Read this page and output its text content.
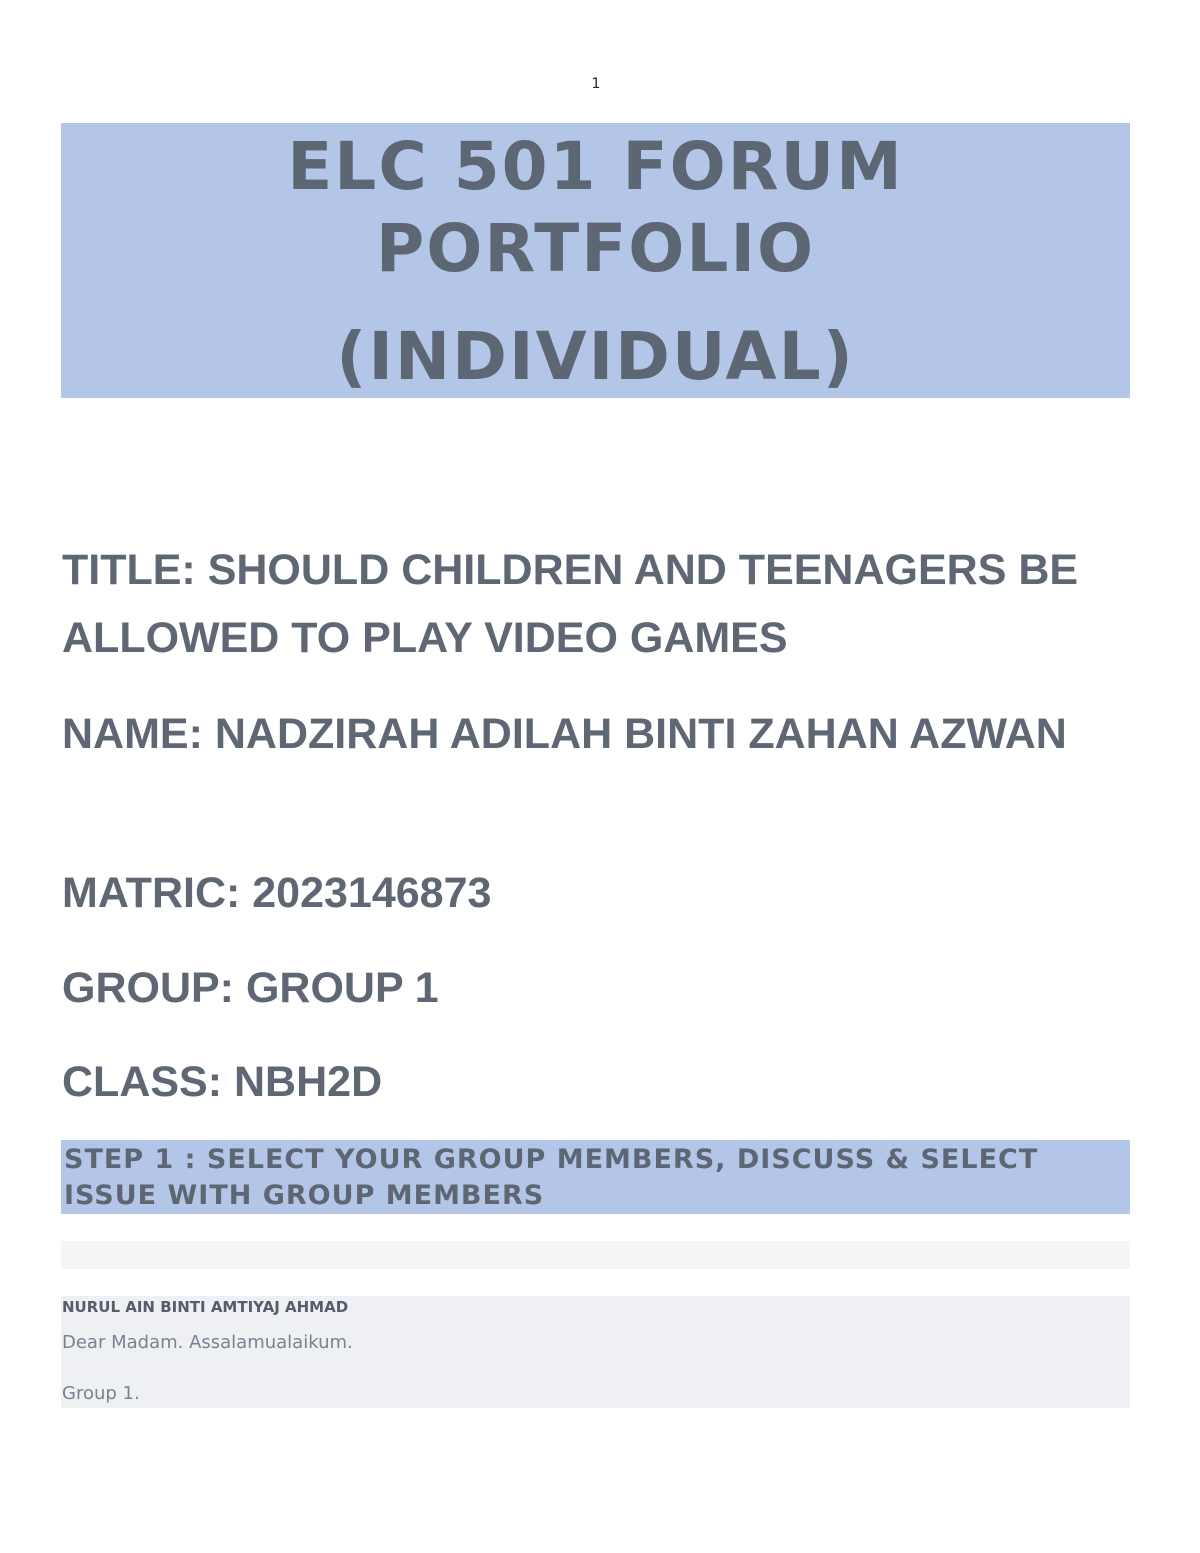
1
ELC 501 FORUM
PORTFOLIO
(INDIVIDUAL)
TITLE: SHOULD CHILDREN AND TEENAGERS BE ALLOWED TO PLAY VIDEO GAMES
NAME: NADZIRAH ADILAH BINTI ZAHAN AZWAN
MATRIC: 2023146873
GROUP: GROUP 1
CLASS: NBH2D
STEP 1 : SELECT YOUR GROUP MEMBERS, DISCUSS & SELECT ISSUE WITH GROUP MEMBERS
NURUL AIN BINTI AMTIYAJ AHMAD
Dear Madam. Assalamualaikum.
Group 1.
